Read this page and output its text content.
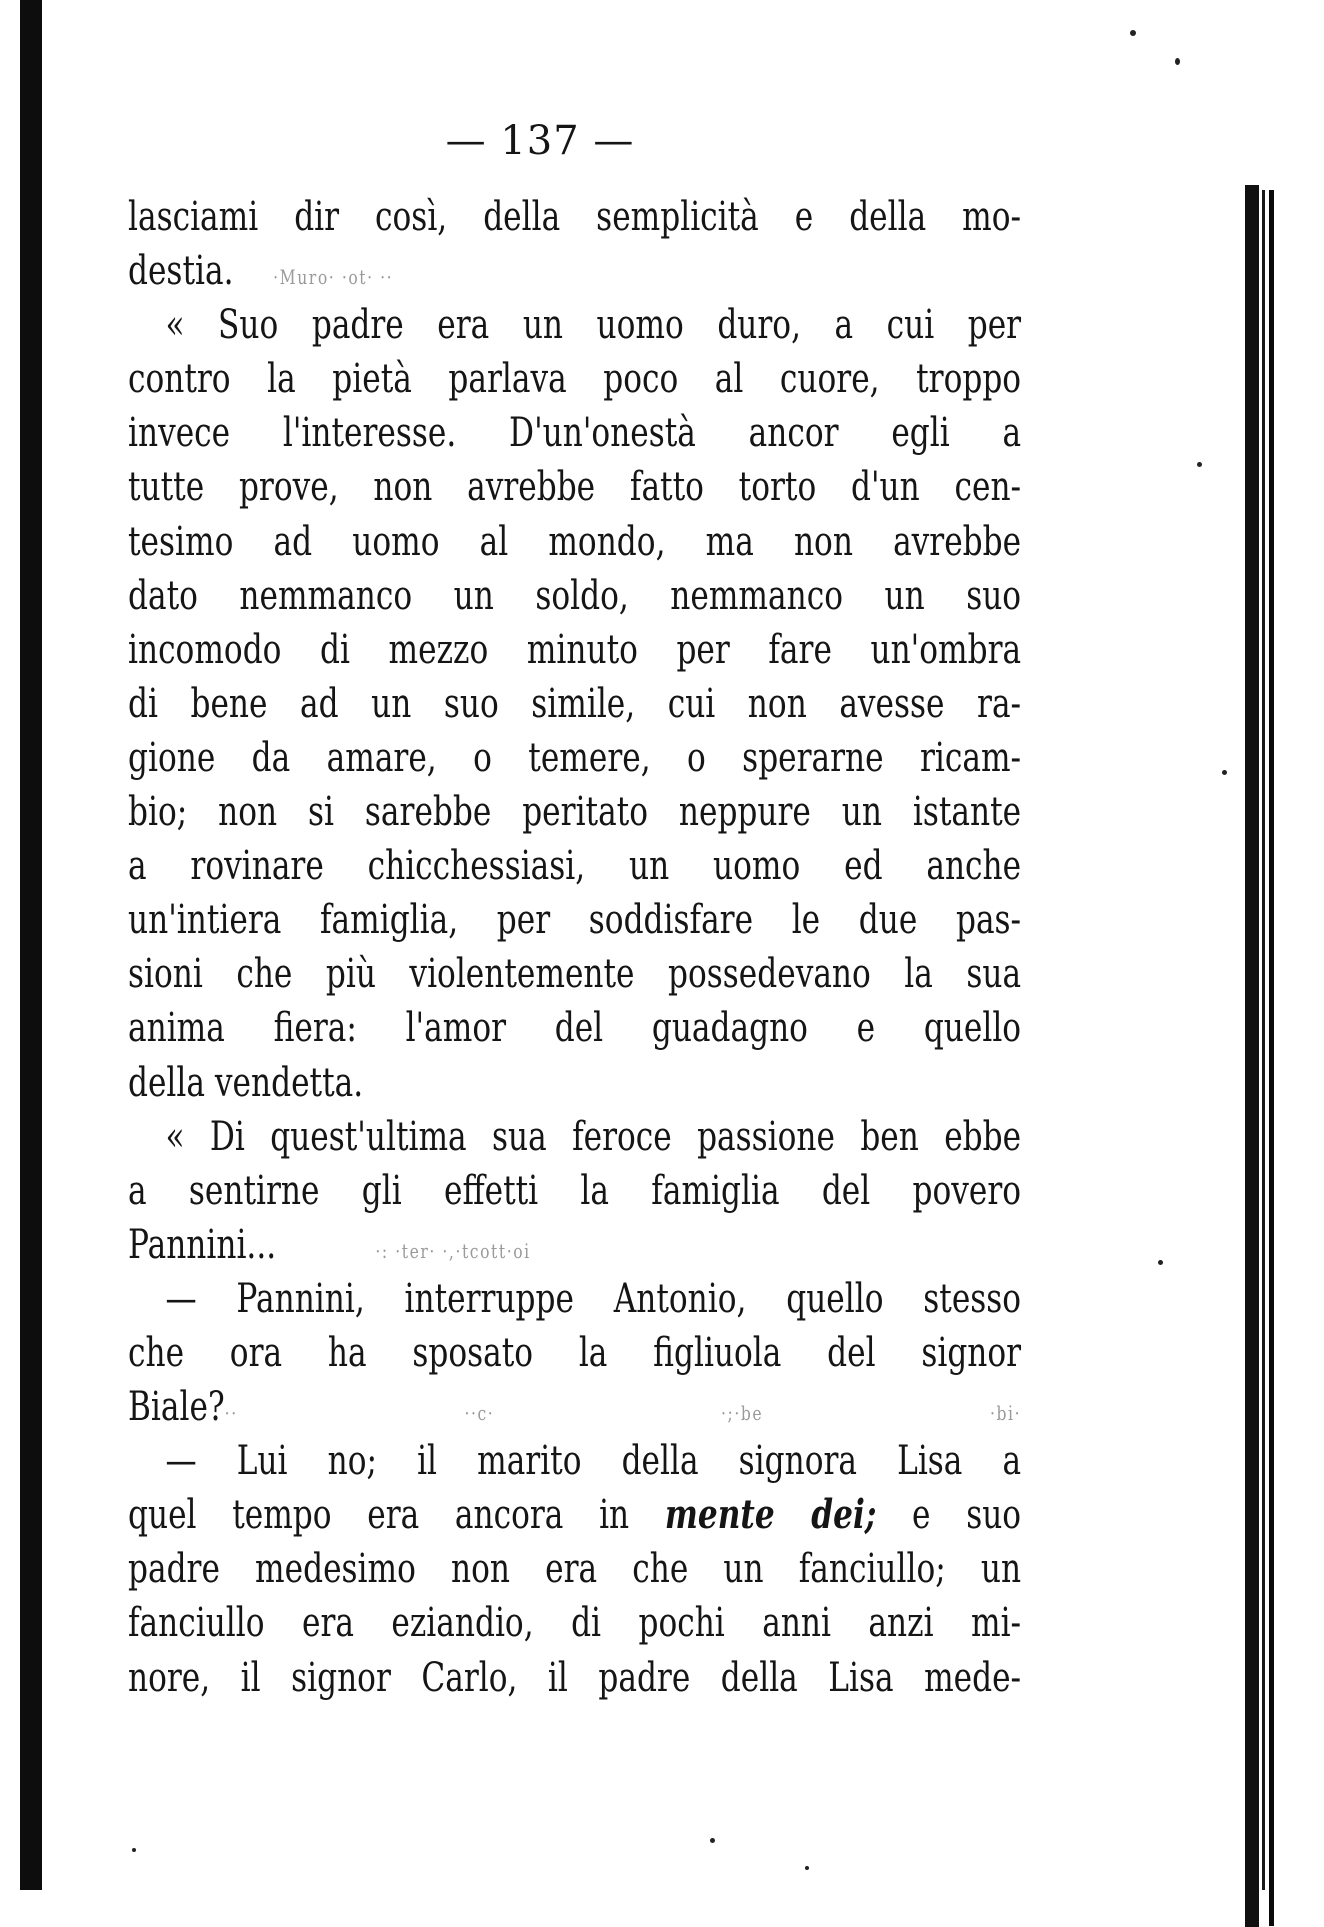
— 137 —
lasciami dir così, della semplicità e della mo-
destia. ·Muro· ·ot· ··
« Suo padre era un uomo duro, a cui per
contro la pietà parlava poco al cuore, troppo
invece l'interesse. D'un'onestà ancor egli a
tutte prove, non avrebbe fatto torto d'un cen-
tesimo ad uomo al mondo, ma non avrebbe
dato nemmanco un soldo, nemmanco un suo
incomodo di mezzo minuto per fare un'ombra
di bene ad un suo simile, cui non avesse ra-
gione da amare, o temere, o sperarne ricam-
bio; non si sarebbe peritato neppure un istante
a rovinare chicchessiasi, un uomo ed anche
un'intiera famiglia, per soddisfare le due pas-
sioni che più violentemente possedevano la sua
anima fiera: l'amor del guadagno e quello
della vendetta.
« Di quest'ultima sua feroce passione ben ebbe
a sentirne gli effetti la famiglia del povero
Pannini...	·: ·ter· ·,·tcott·oi
— Pannini, interruppe Antonio, quello stesso
che ora ha sposato la figliuola del signor
Biale?·· ··c· ·;·be ·bi·
— Lui no; il marito della signora Lisa a
quel tempo era ancora in mente dei; e suo
padre medesimo non era che un fanciullo; un
fanciullo era eziandio, di pochi anni anzi mi-
nore, il signor Carlo, il padre della Lisa mede-
